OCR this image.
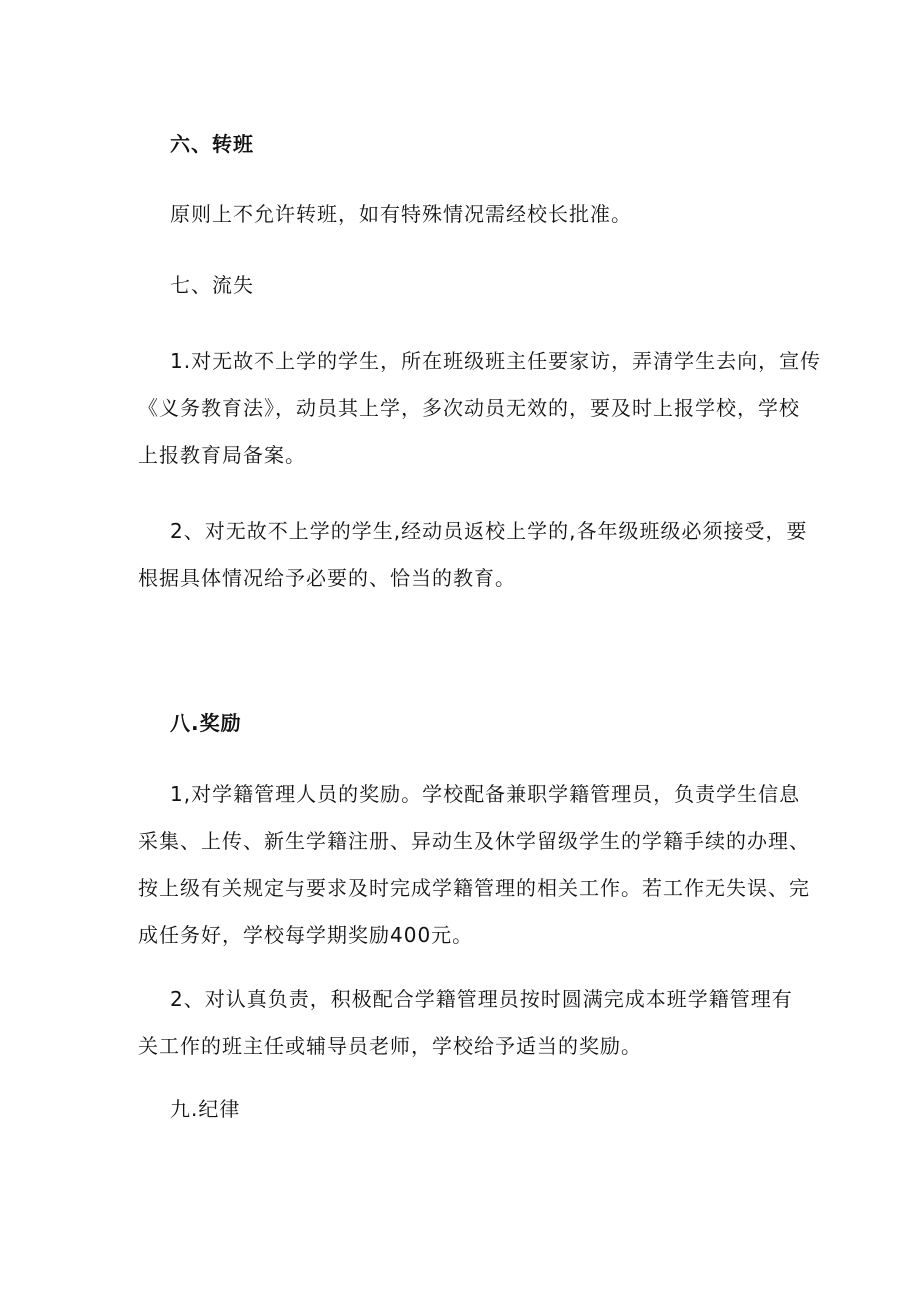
六、转班
原则上不允许转班，如有特殊情况需经校长批准。
七、流失
1.对无故不上学的学生，所在班级班主任要家访，弄清学生去向，宣传
《义务教育法》，动员其上学，多次动员无效的，要及时上报学校，学校
上报教育局备案。
2、对无故不上学的学生,经动员返校上学的,各年级班级必须接受，要
根据具体情况给予必要的、恰当的教育。
八.奖励
1,对学籍管理人员的奖励。学校配备兼职学籍管理员，负责学生信息
采集、上传、新生学籍注册、异动生及休学留级学生的学籍手续的办理、
按上级有关规定与要求及时完成学籍管理的相关工作。若工作无失误、完
成任务好，学校每学期奖励400元。
2、对认真负责，积极配合学籍管理员按时圆满完成本班学籍管理有
关工作的班主任或辅导员老师，学校给予适当的奖励。
九.纪律
